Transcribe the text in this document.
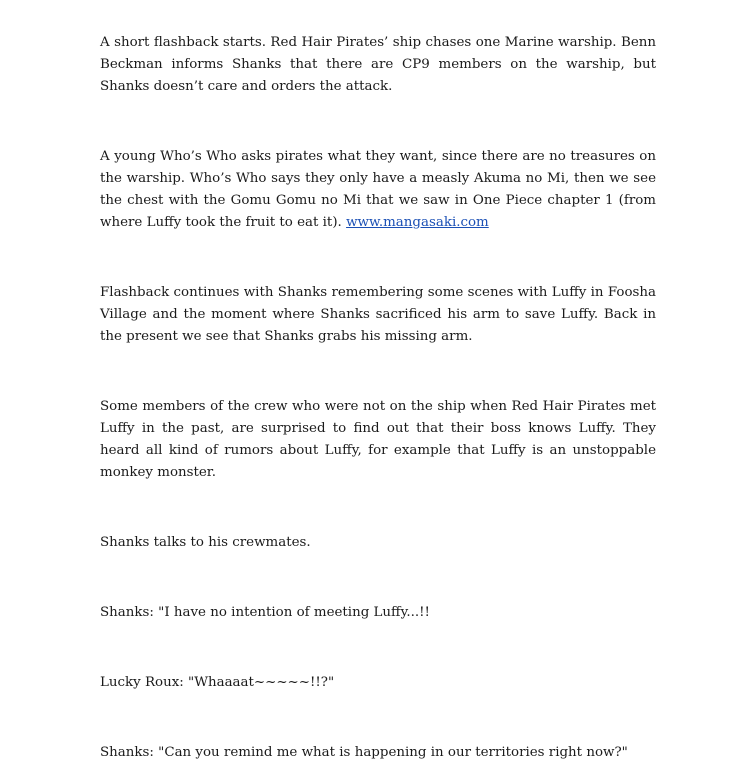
A short flashback starts. Red Hair Pirates’ ship chases one Marine warship. Benn Beckman informs Shanks that there are CP9 members on the warship, but Shanks doesn’t care and orders the attack.

A young Who’s Who asks pirates what they want, since there are no treasures on the warship. Who’s Who says they only have a measly Akuma no Mi, then we see the chest with the Gomu Gomu no Mi that we saw in One Piece chapter 1 (from where Luffy took the fruit to eat it). www.mangasaki.com

Flashback continues with Shanks remembering some scenes with Luffy in Foosha Village and the moment where Shanks sacrificed his arm to save Luffy. Back in the present we see that Shanks grabs his missing arm.

Some members of the crew who were not on the ship when Red Hair Pirates met Luffy in the past, are surprised to find out that their boss knows Luffy. They heard all kind of rumors about Luffy, for example that Luffy is an unstoppable monkey monster.

Shanks talks to his crewmates.

Shanks: "I have no intention of meeting Luffy...!!

Lucky Roux: "Whaaaat~~~~~!!?"

Shanks: "Can you remind me what is happening in our territories right now?"
